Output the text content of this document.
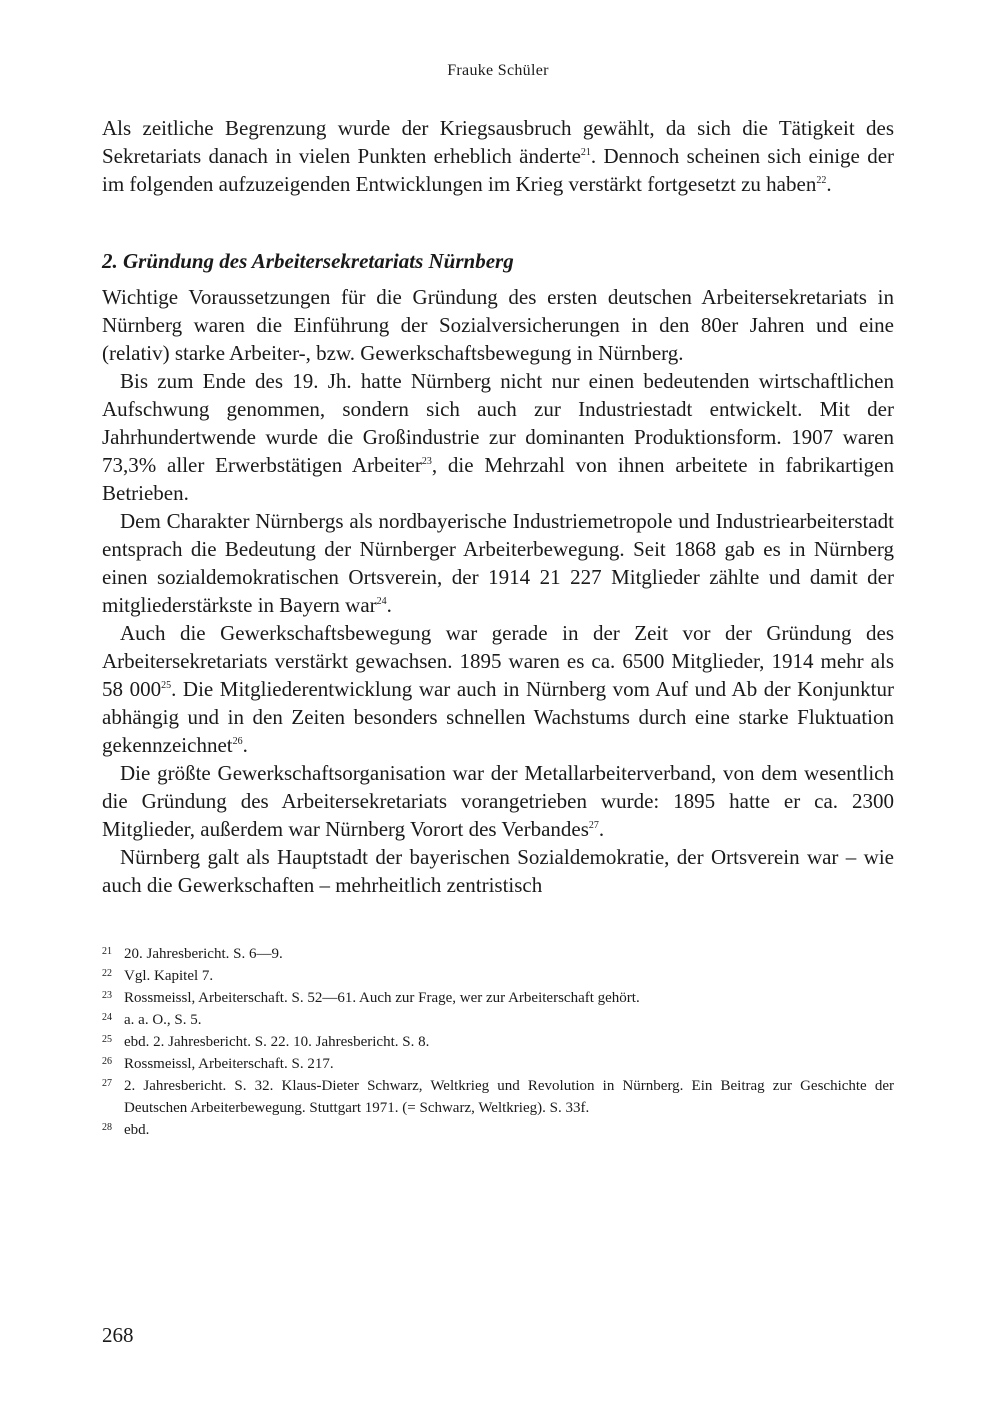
Frauke Schüler

Als zeitliche Begrenzung wurde der Kriegsausbruch gewählt, da sich die Tätigkeit des Sekretariats danach in vielen Punkten erheblich änderte$^{21}$. Dennoch scheinen sich einige der im folgenden aufzuzeigenden Entwicklungen im Krieg verstärkt fortgesetzt zu haben$^{22}$.

2. Gründung des Arbeitersekretariats Nürnberg

Wichtige Voraussetzungen für die Gründung des ersten deutschen Arbeitersekretariats in Nürnberg waren die Einführung der Sozialversicherungen in den 80er Jahren und eine (relativ) starke Arbeiter-, bzw. Gewerkschaftsbewegung in Nürnberg.

Bis zum Ende des 19. Jh. hatte Nürnberg nicht nur einen bedeutenden wirtschaftlichen Aufschwung genommen, sondern sich auch zur Industriestadt entwickelt. Mit der Jahrhundertwende wurde die Großindustrie zur dominanten Produktionsform. 1907 waren 73,3% aller Erwerbstätigen Arbeiter$^{23}$, die Mehrzahl von ihnen arbeitete in fabrikartigen Betrieben.

Dem Charakter Nürnbergs als nordbayerische Industriemetropole und Industriearbeiterstadt entsprach die Bedeutung der Nürnberger Arbeiterbewegung. Seit 1868 gab es in Nürnberg einen sozialdemokratischen Ortsverein, der 1914 21 227 Mitglieder zählte und damit der mitgliederstärkste in Bayern war$^{24}$.

Auch die Gewerkschaftsbewegung war gerade in der Zeit vor der Gründung des Arbeitersekretariats verstärkt gewachsen. 1895 waren es ca. 6500 Mitglieder, 1914 mehr als 58 $000^{25}$. Die Mitgliederentwicklung war auch in Nürnberg vom Auf und Ab der Konjunktur abhängig und in den Zeiten besonders schnellen Wachstums durch eine starke Fluktuation gekennzeichnet$^{26}$.

Die größte Gewerkschaftsorganisation war der Metallarbeiterverband, von dem wesentlich die Gründung des Arbeitersekretariats vorangetrieben wurde: 1895 hatte er ca. 2300 Mitglieder, außerdem war Nürnberg Vorort des Verbandes$^{27}$.

Nürnberg galt als Hauptstadt der bayerischen Sozialdemokratie, der Ortsverein war – wie auch die Gewerkschaften – mehrheitlich zentristisch

21 20. Jahresbericht. S. 6—9.

22 Vgl. Kapitel 7.

23 Rossmeissl, Arbeiterschaft. S. 52—61. Auch zur Frage, wer zur Arbeiterschaft gehört.

24 a. a. O., S. 5.

25 ebd. 2. Jahresbericht. S. 22. 10. Jahresbericht. S. 8.

26 Rossmeissl, Arbeiterschaft. S. 217.

27 2. Jahresbericht. S. 32. Klaus-Dieter Schwarz, Weltkrieg und Revolution in Nürnberg. Ein Beitrag zur Geschichte der Deutschen Arbeiterbewegung. Stuttgart 1971. (= Schwarz, Weltkrieg). S. 33f.

28 ebd.

268
